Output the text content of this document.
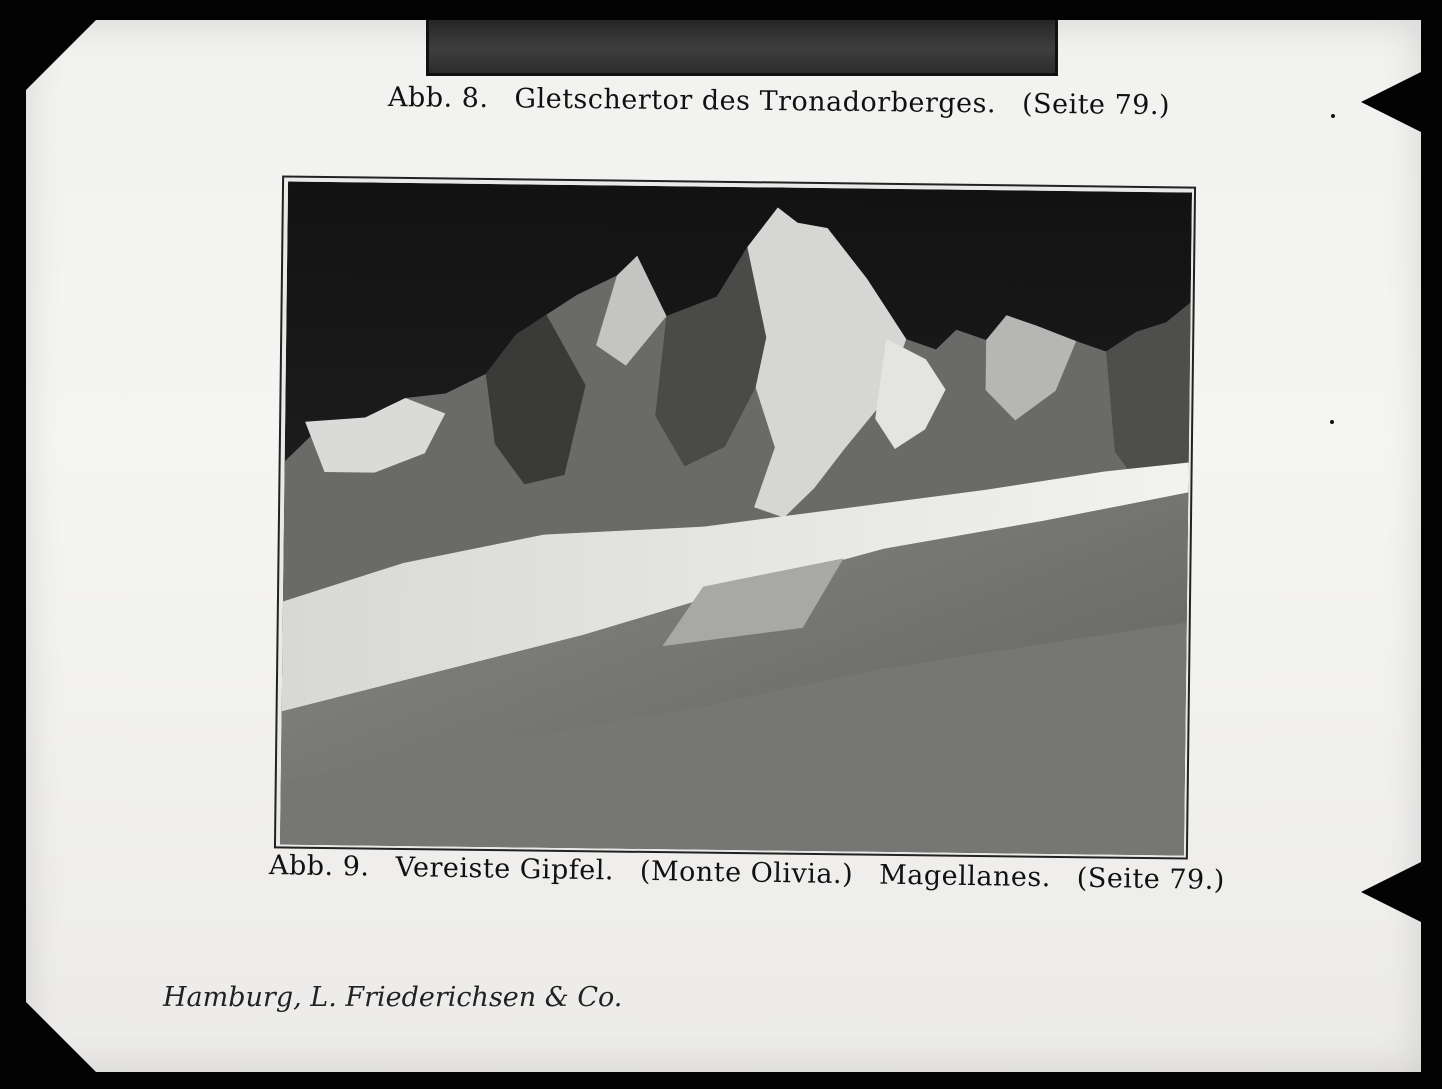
Abb. 8. Gletschertor des Tronadorberges. (Seite 79.)
Abb. 9. Vereiste Gipfel. (Monte Olivia.) Magellanes. (Seite 79.)
Hamburg, L. Friederichsen & Co.
